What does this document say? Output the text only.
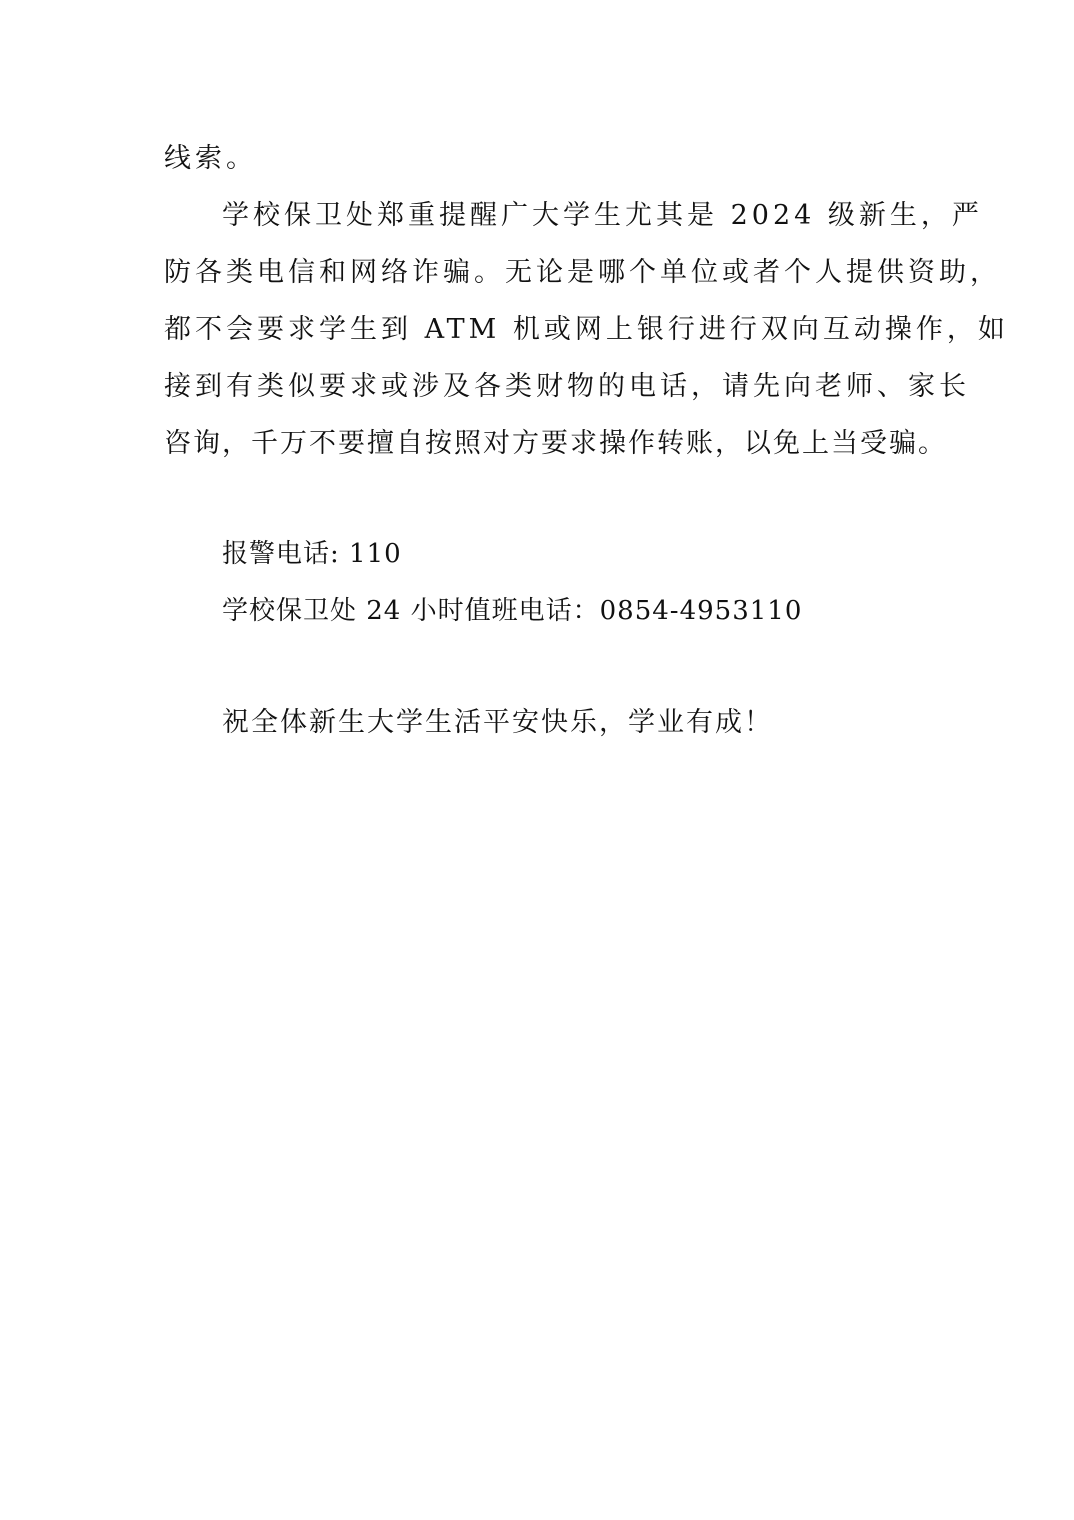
线索。
学校保卫处郑重提醒广大学生尤其是 2024 级新生，严
防各类电信和网络诈骗。无论是哪个单位或者个人提供资助，
都不会要求学生到 ATM 机或网上银行进行双向互动操作，如
接到有类似要求或涉及各类财物的电话，请先向老师、家长
咨询，千万不要擅自按照对方要求操作转账，以免上当受骗。
报警电话: 110
学校保卫处 24 小时值班电话：0854-4953110
祝全体新生大学生活平安快乐，学业有成！
